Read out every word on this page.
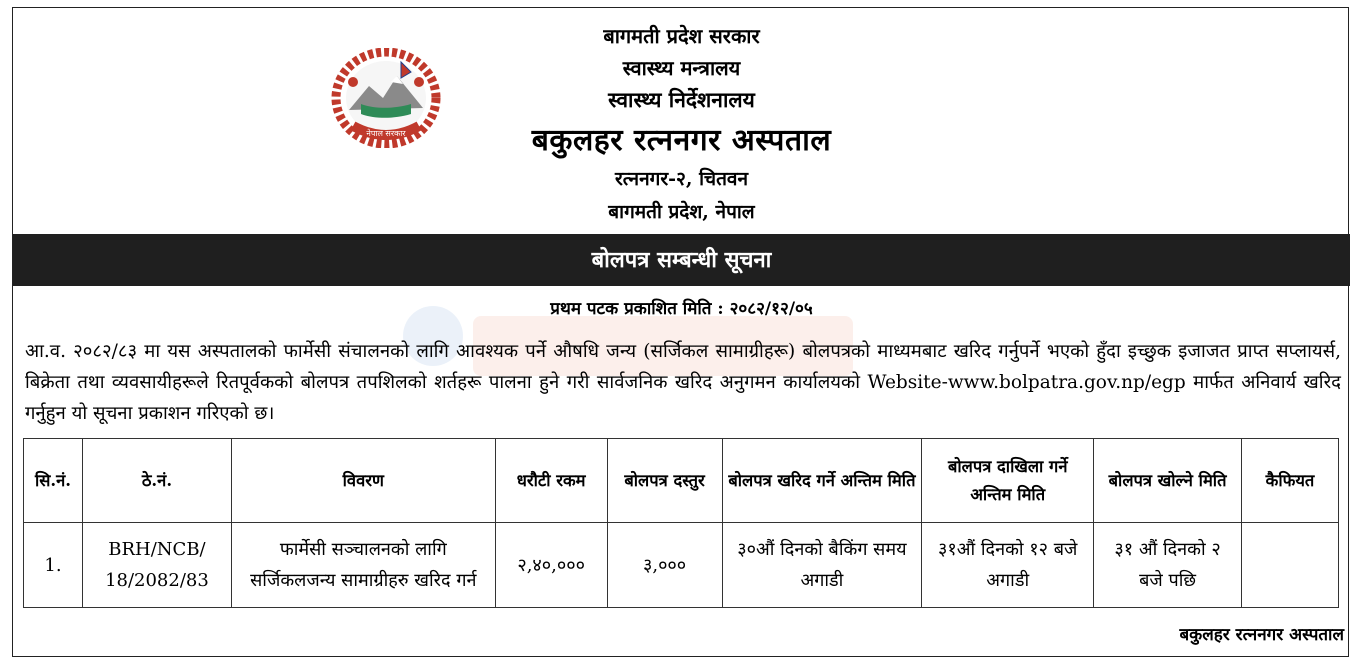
नेपाल सरकार
बागमती प्रदेश सरकार
स्वास्थ्य मन्त्रालय
स्वास्थ्य निर्देशनालय
बकुलहर रत्ननगर अस्पताल
रत्ननगर-२, चितवन
बागमती प्रदेश, नेपाल
बोलपत्र सम्बन्धी सूचना
प्रथम पटक प्रकाशित मिति : २०८२/१२/०५
आ.व. २०८२/८३ मा यस अस्पतालको फार्मेसी संचालनको लागि आवश्यक पर्ने औषधि जन्य (सर्जिकल सामाग्रीहरू) बोलपत्रको माध्यमबाट खरिद गर्नुपर्ने भएको हुँदा इच्छुक इजाजत प्राप्त सप्लायर्स, बिक्रेता तथा व्यवसायीहरूले रितपूर्वकको बोलपत्र तपशिलको शर्तहरू पालना हुने गरी सार्वजनिक खरिद अनुगमन कार्यालयको Website-www.bolpatra.gov.np/egp मार्फत अनिवार्य खरिद गर्नुहुन यो सूचना प्रकाशन गरिएको छ।
सि.नं.	ठे.नं.	विवरण	धरौटी रकम	बोलपत्र दस्तुर	बोलपत्र खरिद गर्ने अन्तिम मिति	बोलपत्र दाखिला गर्ने अन्तिम मिति	बोलपत्र खोल्ने मिति	कैफियत
1.	BRH/NCB/ 18/2082/83	फार्मेसी सञ्चालनको लागि सर्जिकलजन्य सामाग्रीहरु खरिद गर्न	२,४०,०००	३,०००	३०औं दिनको बैकिंग समय अगाडी	३१औं दिनको १२ बजे अगाडी	३१ औं दिनको २ बजे पछि	
बकुलहर रत्ननगर अस्पताल
